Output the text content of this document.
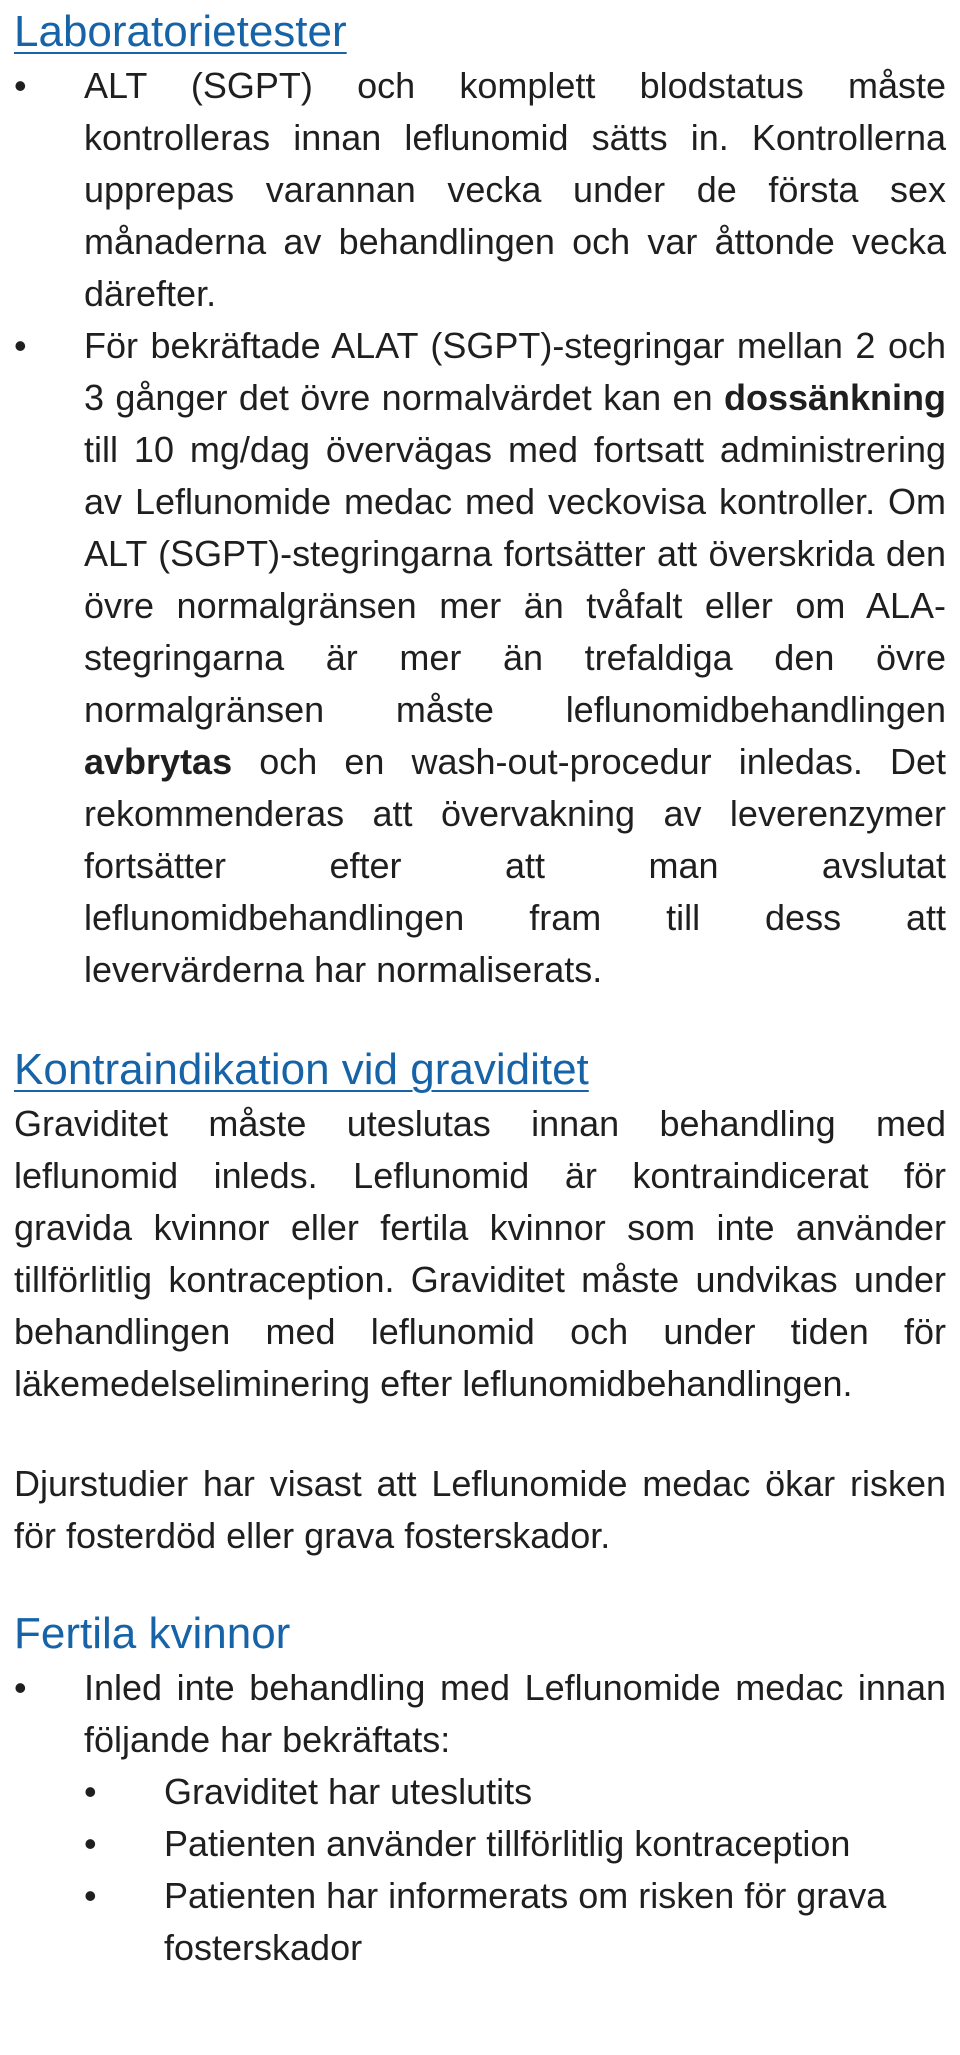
Laboratorietester
•	ALT (SGPT) och komplett blodstatus måste kontrolleras innan leflunomid sätts in. Kontrollerna upprepas varannan vecka under de första sex månaderna av behandlingen och var åttonde vecka därefter.

•	För bekräftade ALAT (SGPT)-stegringar mellan 2 och 3 gånger det övre normalvärdet kan en dossänkning till 10 mg/dag övervägas med fortsatt administrering av Leflunomide medac med veckovisa kontroller. Om ALT (SGPT)-stegringarna fortsätter att överskrida den övre normalgränsen mer än tvåfalt eller om ALA-stegringarna är mer än trefaldiga den övre normalgränsen måste leflunomidbehandlingen avbrytas och en wash-out-procedur inledas. Det rekommenderas att övervakning av leverenzymer fortsätter efter att man avslutat leflunomidbehandlingen fram till dess att levervärderna har normaliserats.

Kontraindikation vid graviditet

Graviditet måste uteslutas innan behandling med leflunomid inleds. Leflunomid är kontraindicerat för gravida kvinnor eller fertila kvinnor som inte använder tillförlitlig kontraception. Graviditet måste undvikas under behandlingen med leflunomid och under tiden för läkemedelseliminering efter leflunomidbehandlingen.

Djurstudier har visast att Leflunomide medac ökar risken för fosterdöd eller grava fosterskador.

Fertila kvinnor
•	Inled inte behandling med Leflunomide medac innan följande har bekräftats:

•	Graviditet har uteslutits

•	Patienten använder tillförlitlig kontraception

•	Patienten har informerats om risken för grava fosterskador
